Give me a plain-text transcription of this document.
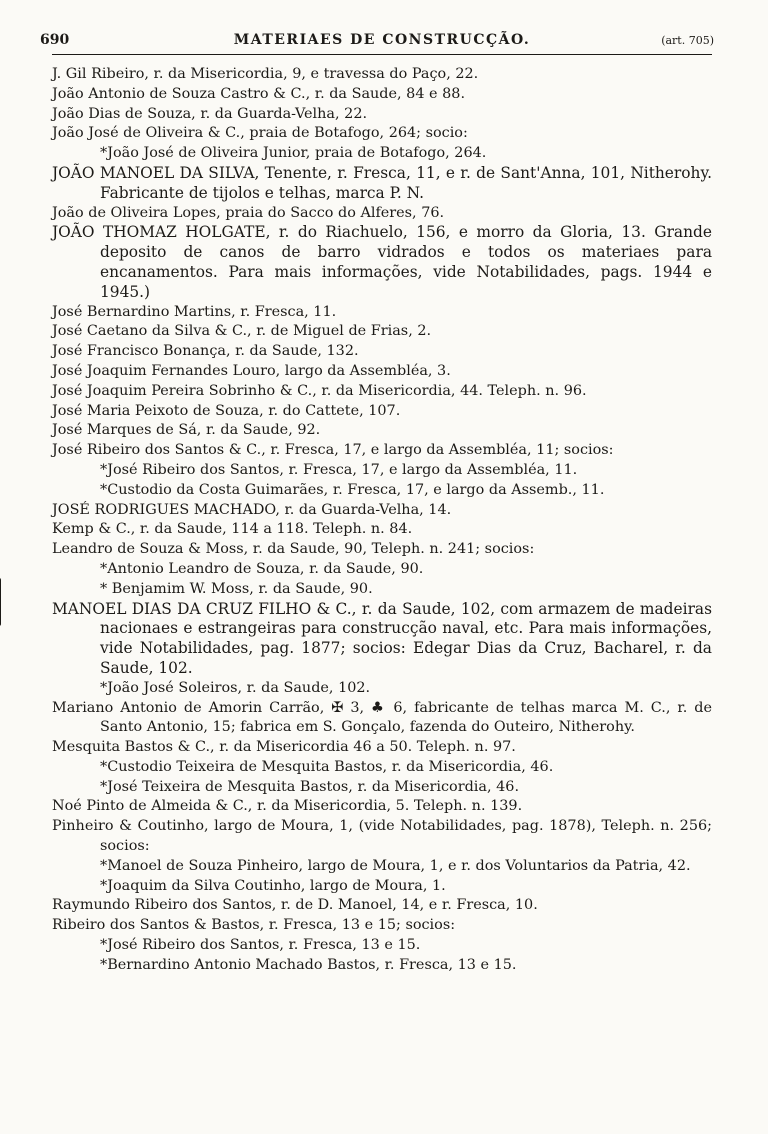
690	MATERIAES DE CONSTRUCÇÃO.	(art. 705)
J. Gil Ribeiro, r. da Misericordia, 9, e travessa do Paço, 22.
João Antonio de Souza Castro & C., r. da Saude, 84 e 88.
João Dias de Souza, r. da Guarda-Velha, 22.
João José de Oliveira & C., praia de Botafogo, 264; socio:
*João José de Oliveira Junior, praia de Botafogo, 264.
JOÃO MANOEL DA SILVA, Tenente, r. Fresca, 11, e r. de Sant'Anna, 101, Nitherohy. Fabricante de tijolos e telhas, marca P. N.
João de Oliveira Lopes, praia do Sacco do Alferes, 76.
JOÃO THOMAZ HOLGATE, r. do Riachuelo, 156, e morro da Gloria, 13. Grande deposito de canos de barro vidrados e todos os materiaes para encanamentos. Para mais informações, vide Notabilidades, pags. 1944 e 1945.)
José Bernardino Martins, r. Fresca, 11.
José Caetano da Silva & C., r. de Miguel de Frias, 2.
José Francisco Bonança, r. da Saude, 132.
José Joaquim Fernandes Louro, largo da Assembléa, 3.
José Joaquim Pereira Sobrinho & C., r. da Misericordia, 44. Teleph. n. 96.
José Maria Peixoto de Souza, r. do Cattete, 107.
José Marques de Sá, r. da Saude, 92.
José Ribeiro dos Santos & C., r. Fresca, 17, e largo da Assembléa, 11; socios:
*José Ribeiro dos Santos, r. Fresca, 17, e largo da Assembléa, 11.
*Custodio da Costa Guimarães, r. Fresca, 17, e largo da Assemb., 11.
JOSÉ RODRIGUES MACHADO, r. da Guarda-Velha, 14.
Kemp & C., r. da Saude, 114 a 118. Teleph. n. 84.
Leandro de Souza & Moss, r. da Saude, 90, Teleph. n. 241; socios:
*Antonio Leandro de Souza, r. da Saude, 90.
* Benjamim W. Moss, r. da Saude, 90.
MANOEL DIAS DA CRUZ FILHO & C., r. da Saude, 102, com armazem de madeiras nacionaes e estrangeiras para construcção naval, etc. Para mais informações, vide Notabilidades, pag. 1877; socios: Edegar Dias da Cruz, Bacharel, r. da Saude, 102.
*João José Soleiros, r. da Saude, 102.
Mariano Antonio de Amorin Carrão, ✠ 3, ♣ 6, fabricante de telhas marca M. C., r. de Santo Antonio, 15; fabrica em S. Gonçalo, fazenda do Outeiro, Nitherohy.
Mesquita Bastos & C., r. da Misericordia 46 a 50. Teleph. n. 97.
*Custodio Teixeira de Mesquita Bastos, r. da Misericordia, 46.
*José Teixeira de Mesquita Bastos, r. da Misericordia, 46.
Noé Pinto de Almeida & C., r. da Misericordia, 5. Teleph. n. 139.
Pinheiro & Coutinho, largo de Moura, 1, (vide Notabilidades, pag. 1878), Teleph. n. 256; socios:
*Manoel de Souza Pinheiro, largo de Moura, 1, e r. dos Voluntarios da Patria, 42.
*Joaquim da Silva Coutinho, largo de Moura, 1.
Raymundo Ribeiro dos Santos, r. de D. Manoel, 14, e r. Fresca, 10.
Ribeiro dos Santos & Bastos, r. Fresca, 13 e 15; socios:
*José Ribeiro dos Santos, r. Fresca, 13 e 15.
*Bernardino Antonio Machado Bastos, r. Fresca, 13 e 15.
